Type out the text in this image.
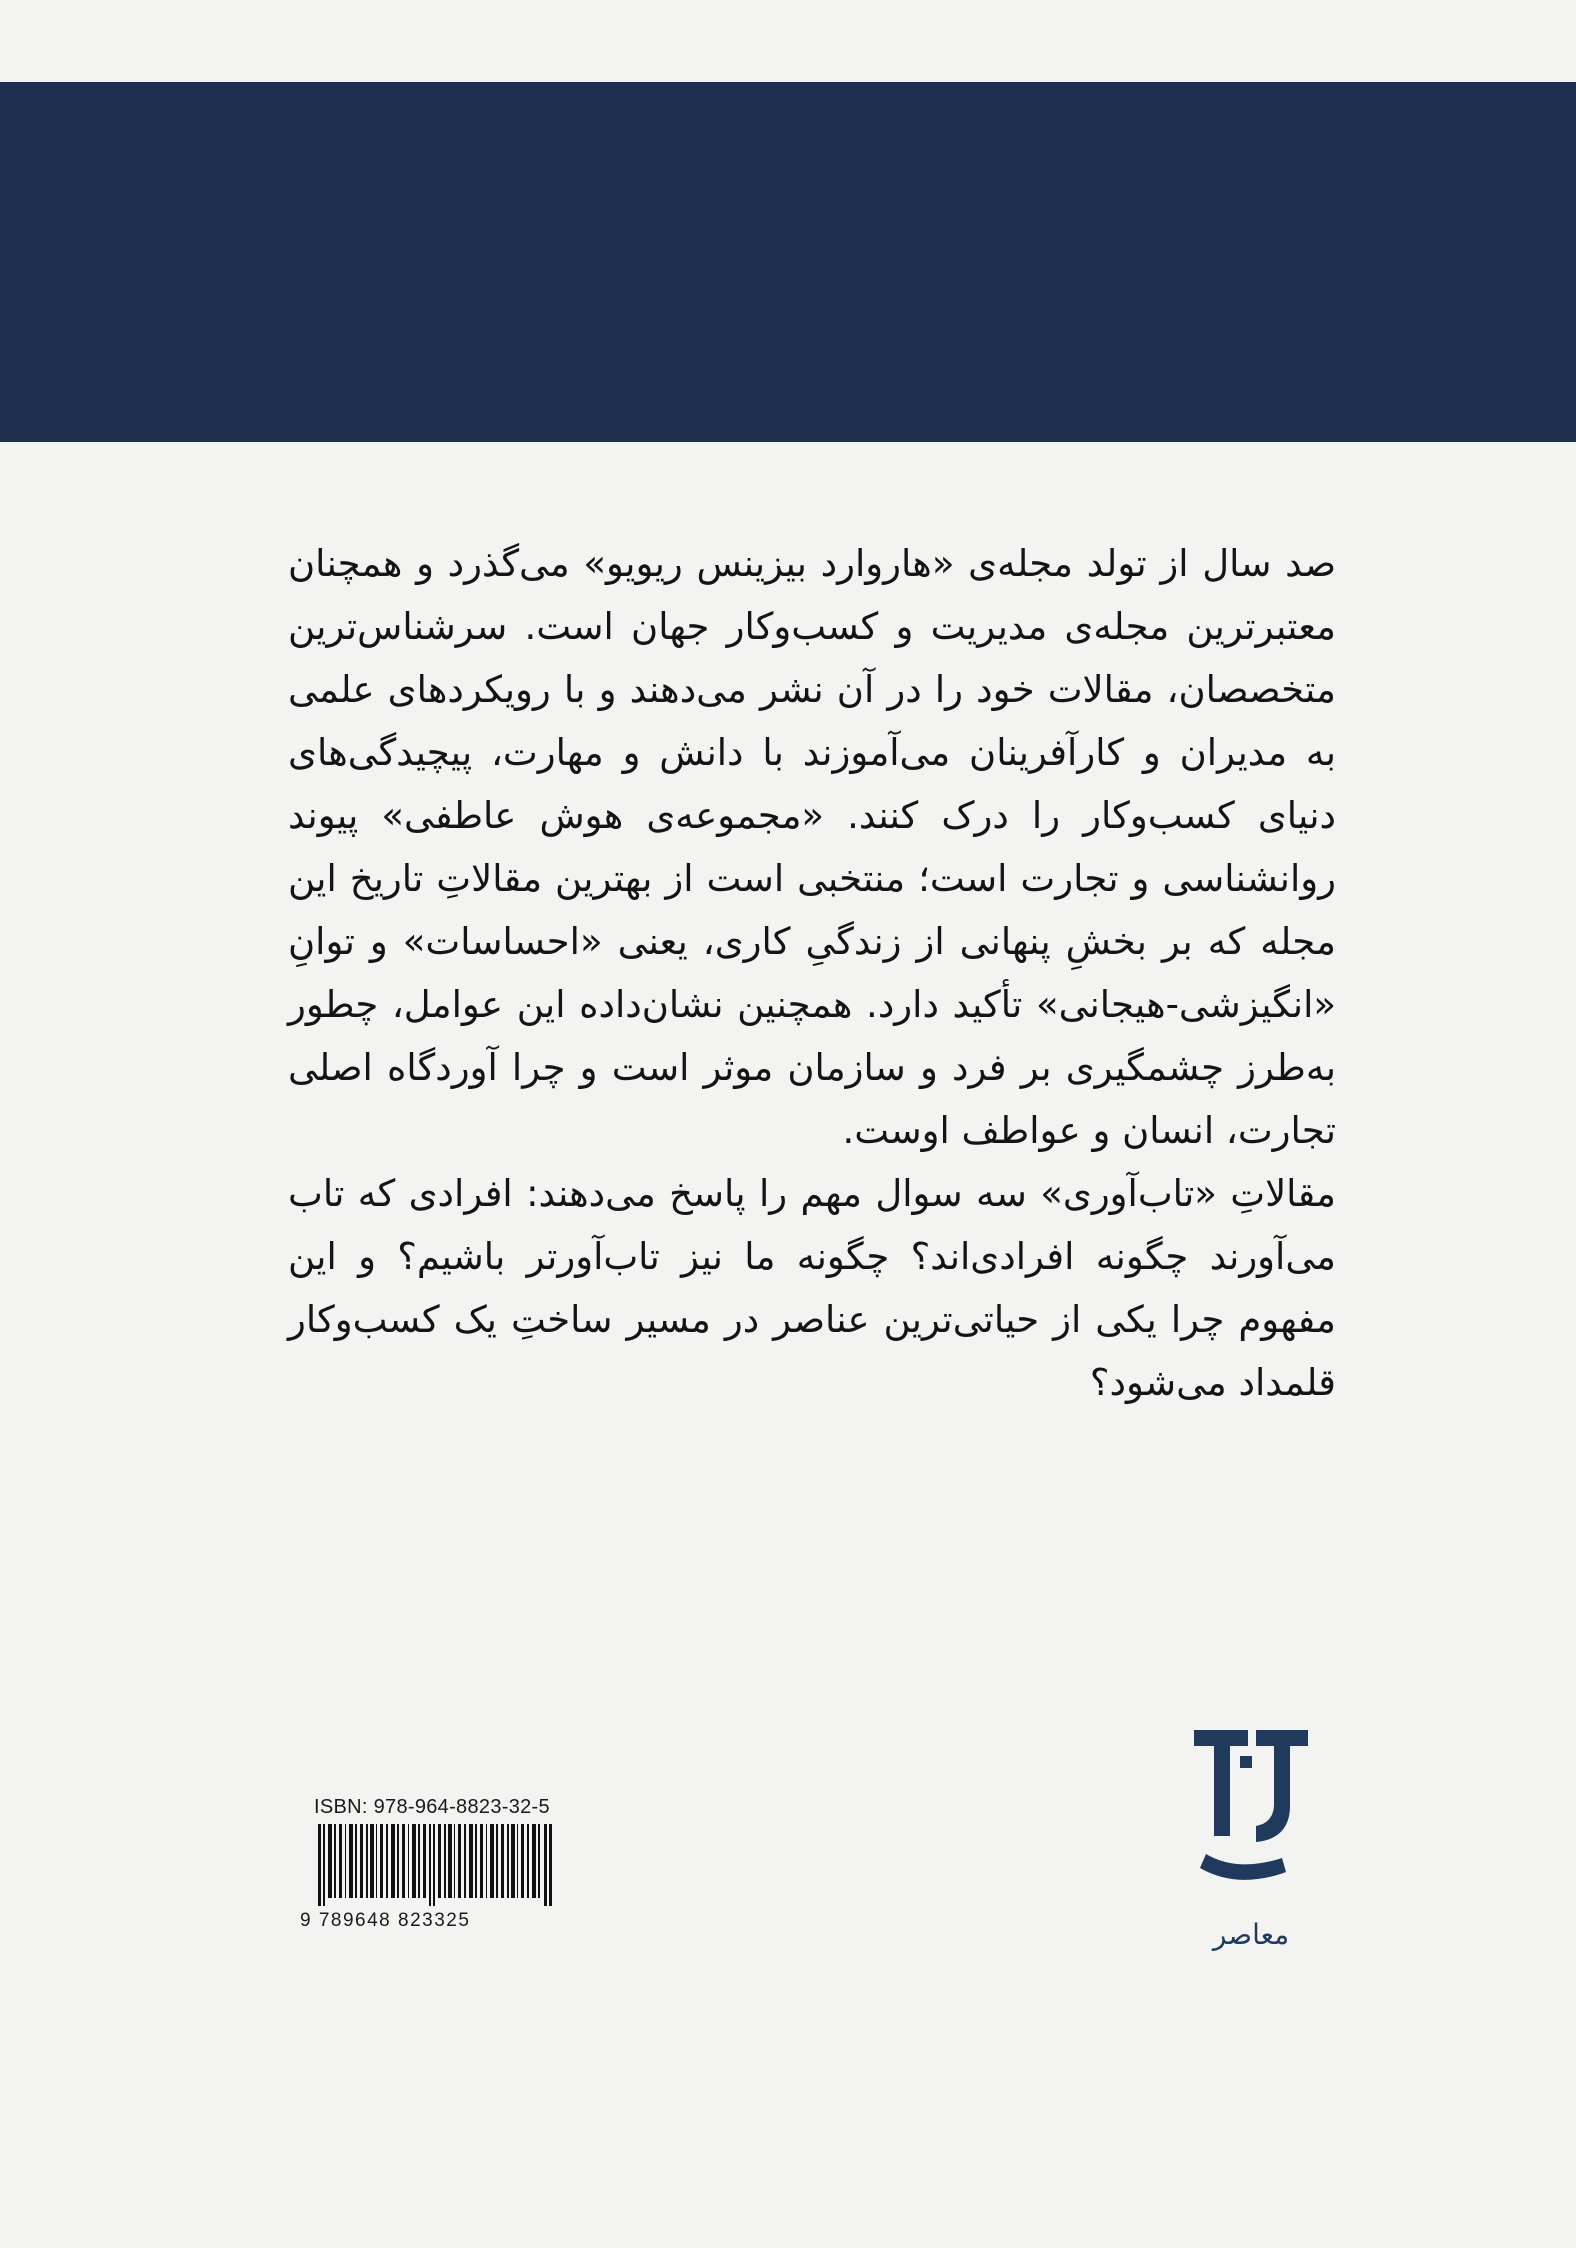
صد سال از تولد مجله‌ی «هاروارد بیزینس ریویو» می‌گذرد و همچنان معتبرترین مجله‌ی مدیریت و کسب‌وکار جهان است. سرشناس‌ترین متخصصان، مقالات خود را در آن نشر می‌دهند و با رویکردهای علمی به مدیران و کارآفرینان می‌آموزند با دانش و مهارت، پیچیدگی‌های دنیای کسب‌وکار را درک کنند. «مجموعه‌ی هوش عاطفی» پیوند روانشناسی و تجارت است؛ منتخبی است از بهترین مقالاتِ تاریخ این مجله که بر بخشِ پنهانی از زندگیِ کاری، یعنی «احساسات» و توانِ «انگیزشی-هیجانی» تأکید دارد. همچنین نشان‌داده این عوامل، چطور به‌طرز چشمگیری بر فرد و سازمان موثر است و چرا آوردگاه اصلی تجارت، انسان و عواطف اوست.

مقالاتِ «تاب‌آوری» سه سوال مهم را پاسخ می‌دهند: افرادی که تاب می‌آورند چگونه افرادی‌اند؟ چگونه ما نیز تاب‌آورتر باشیم؟ و این مفهوم چرا یکی از حیاتی‌ترین عناصر در مسیر ساختِ یک کسب‌وکار قلمداد می‌شود؟

ISBN: 978-964-8823-32-5
9 789648 823325	معاصر
